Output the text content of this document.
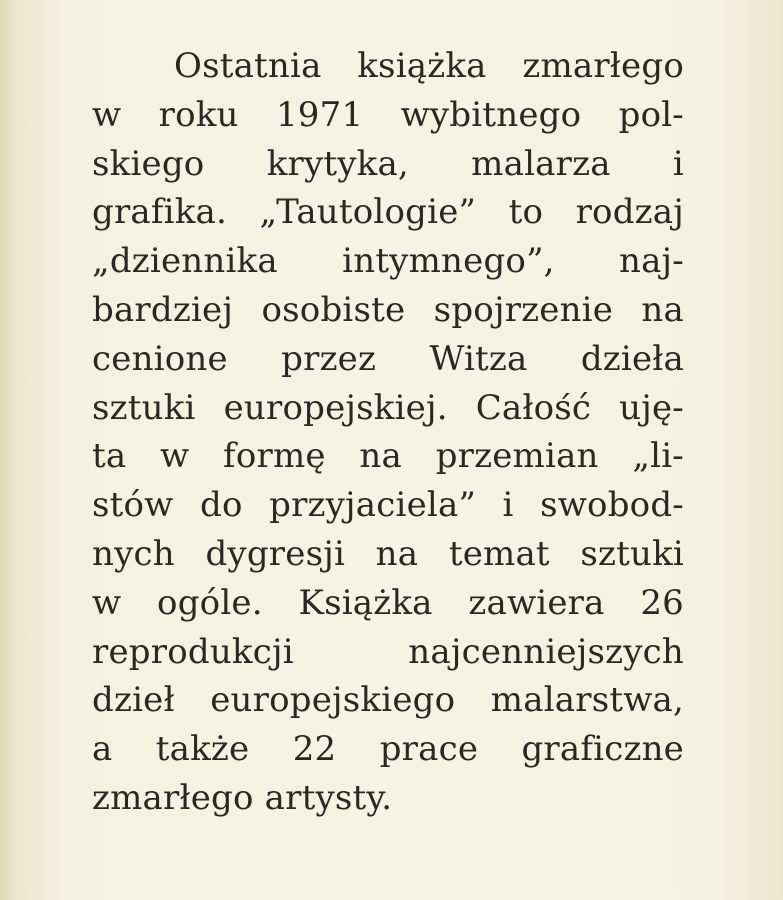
Ostatnia książka zmarłego
w roku 1971 wybitnego pol-
skiego krytyka, malarza i
grafika. „Tautologie” to rodzaj
„dziennika intymnego”, naj-
bardziej osobiste spojrzenie na
cenione przez Witza dzieła
sztuki europejskiej. Całość uję-
ta w formę na przemian „li-
stów do przyjaciela” i swobod-
nych dygresji na temat sztuki
w ogóle. Książka zawiera 26
reprodukcji najcenniejszych
dzieł europejskiego malarstwa,
a także 22 prace graficzne
zmarłego artysty.
